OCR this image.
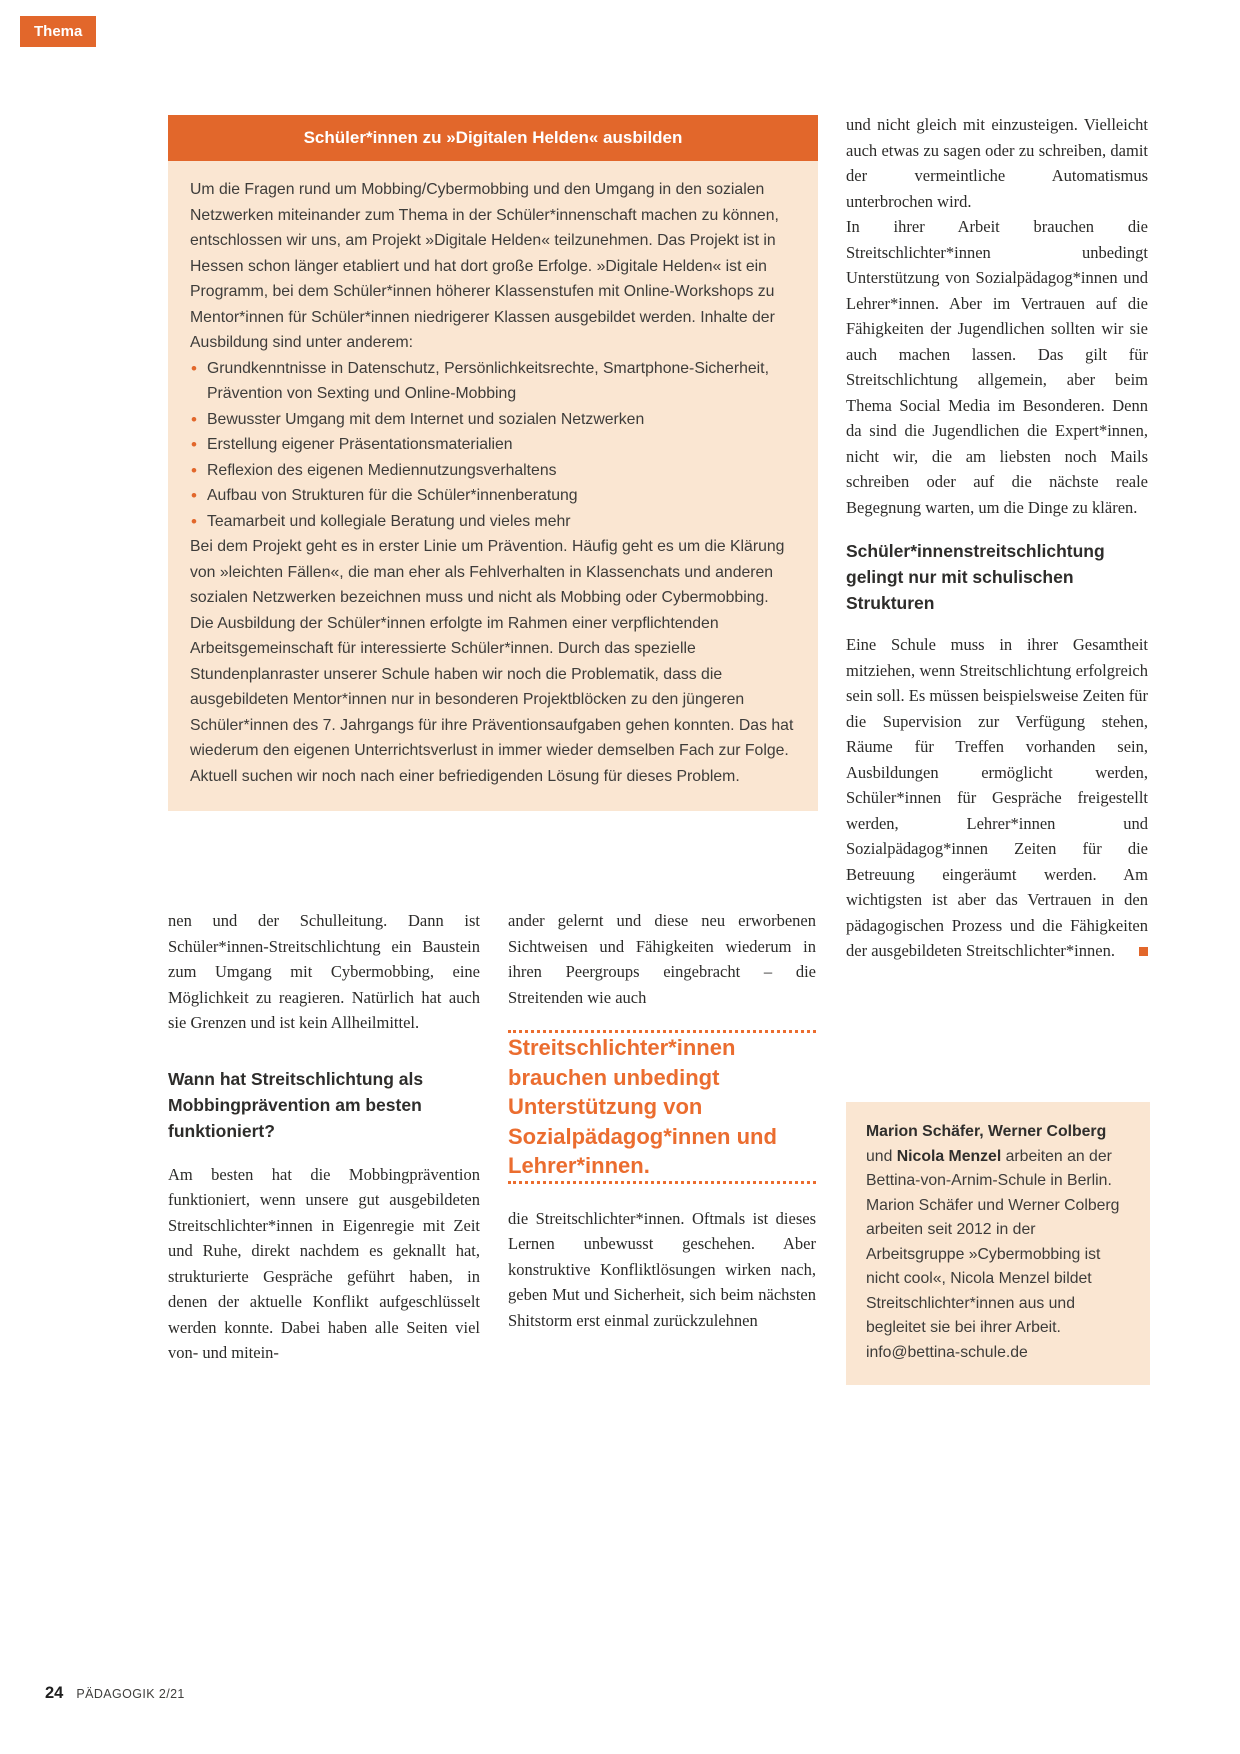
Thema
Schüler*innen zu »Digitalen Helden« ausbilden

Um die Fragen rund um Mobbing/Cybermobbing und den Umgang in den sozialen Netzwerken miteinander zum Thema in der Schüler*innenschaft machen zu können, entschlossen wir uns, am Projekt »Digitale Helden« teilzunehmen. Das Projekt ist in Hessen schon länger etabliert und hat dort große Erfolge. »Digitale Helden« ist ein Programm, bei dem Schüler*innen höherer Klassenstufen mit Online-Workshops zu Mentor*innen für Schüler*innen niedrigerer Klassen ausgebildet werden. Inhalte der Ausbildung sind unter anderem:

• Grundkenntnisse in Datenschutz, Persönlichkeitsrechte, Smartphone-Sicherheit, Prävention von Sexting und Online-Mobbing
• Bewusster Umgang mit dem Internet und sozialen Netzwerken
• Erstellung eigener Präsentationsmaterialien
• Reflexion des eigenen Mediennutzungsverhaltens
• Aufbau von Strukturen für die Schüler*innenberatung
• Teamarbeit und kollegiale Beratung und vieles mehr

Bei dem Projekt geht es in erster Linie um Prävention. Häufig geht es um die Klärung von »leichten Fällen«, die man eher als Fehlverhalten in Klassenchats und anderen sozialen Netzwerken bezeichnen muss und nicht als Mobbing oder Cybermobbing.

Die Ausbildung der Schüler*innen erfolgte im Rahmen einer verpflichtenden Arbeitsgemeinschaft für interessierte Schüler*innen. Durch das spezielle Stundenplanraster unserer Schule haben wir noch die Problematik, dass die ausgebildeten Mentor*innen nur in besonderen Projektblöcken zu den jüngeren Schüler*innen des 7. Jahrgangs für ihre Präventionsaufgaben gehen konnten. Das hat wiederum den eigenen Unterrichtsverlust in immer wieder demselben Fach zur Folge. Aktuell suchen wir noch nach einer befriedigenden Lösung für dieses Problem.

nen und der Schulleitung. Dann ist Schüler*innen-Streitschlichtung ein Baustein zum Umgang mit Cybermobbing, eine Möglichkeit zu reagieren. Natürlich hat auch sie Grenzen und ist kein Allheilmittel.

Wann hat Streitschlichtung als Mobbingprävention am besten funktioniert?

Am besten hat die Mobbingprävention funktioniert, wenn unsere gut ausgebildeten Streitschlichter*innen in Eigenregie mit Zeit und Ruhe, direkt nachdem es geknallt hat, strukturierte Gespräche geführt haben, in denen der aktuelle Konflikt aufgeschlüsselt werden konnte. Dabei haben alle Seiten viel von- und mitein-

ander gelernt und diese neu erworbenen Sichtweisen und Fähigkeiten wiederum in ihren Peergroups eingebracht – die Streitenden wie auch

Streitschlichter*innen brauchen unbedingt Unterstützung von Sozialpädagog*innen und Lehrer*innen.

die Streitschlichter*innen. Oftmals ist dieses Lernen unbewusst geschehen. Aber konstruktive Konfliktlösungen wirken nach, geben Mut und Sicherheit, sich beim nächsten Shitstorm erst einmal zurückzulehnen

und nicht gleich mit einzusteigen. Vielleicht auch etwas zu sagen oder zu schreiben, damit der vermeintliche Automatismus unterbrochen wird.

In ihrer Arbeit brauchen die Streitschlichter*innen unbedingt Unterstützung von Sozialpädagog*innen und Lehrer*innen. Aber im Vertrauen auf die Fähigkeiten der Jugendlichen sollten wir sie auch machen lassen. Das gilt für Streitschlichtung allgemein, aber beim Thema Social Media im Besonderen. Denn da sind die Jugendlichen die Expert*innen, nicht wir, die am liebsten noch Mails schreiben oder auf die nächste reale Begegnung warten, um die Dinge zu klären.

Schüler*innenstreitschlichtung gelingt nur mit schulischen Strukturen

Eine Schule muss in ihrer Gesamtheit mitziehen, wenn Streitschlichtung erfolgreich sein soll. Es müssen beispielsweise Zeiten für die Supervision zur Verfügung stehen, Räume für Treffen vorhanden sein, Ausbildungen ermöglicht werden, Schüler*innen für Gespräche freigestellt werden, Lehrer*innen und Sozialpädagog*innen Zeiten für die Betreuung eingeräumt werden. Am wichtigsten ist aber das Vertrauen in den pädagogischen Prozess und die Fähigkeiten der ausgebildeten Streitschlichter*innen.

Marion Schäfer, Werner Colberg und Nicola Menzel arbeiten an der Bettina-von-Arnim-Schule in Berlin. Marion Schäfer und Werner Colberg arbeiten seit 2012 in der Arbeitsgruppe »Cybermobbing ist nicht cool«, Nicola Menzel bildet Streitschlichter*innen aus und begleitet sie bei ihrer Arbeit.
info@bettina-schule.de
24 PÄDAGOGIK 2/21
